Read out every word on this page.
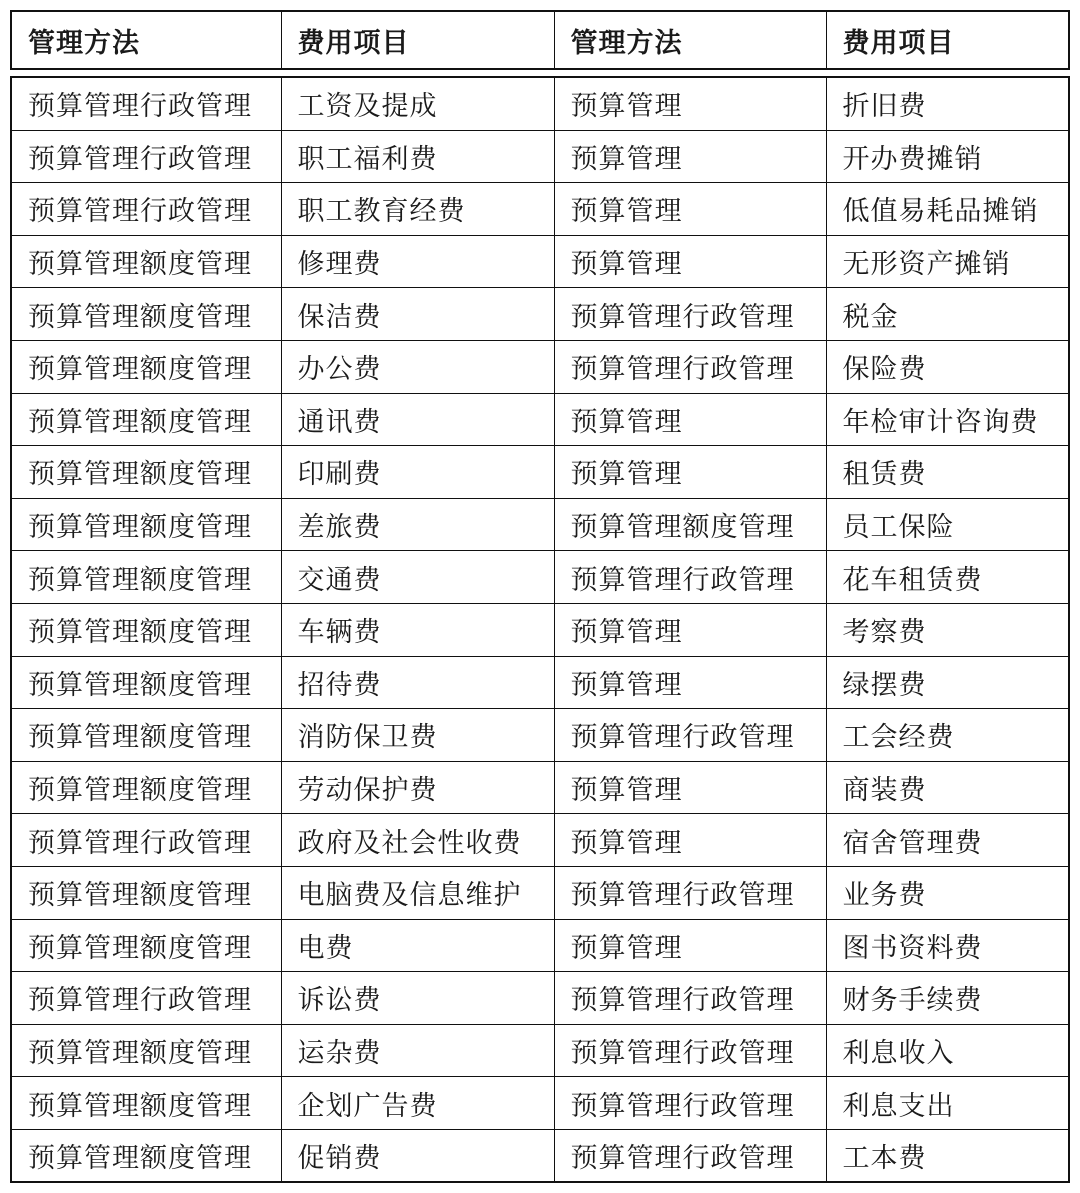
管理方法	费用项目	管理方法	费用项目
预算管理行政管理	工资及提成	预算管理	折旧费
预算管理行政管理	职工福利费	预算管理	开办费摊销
预算管理行政管理	职工教育经费	预算管理	低值易耗品摊销
预算管理额度管理	修理费	预算管理	无形资产摊销
预算管理额度管理	保洁费	预算管理行政管理	税金
预算管理额度管理	办公费	预算管理行政管理	保险费
预算管理额度管理	通讯费	预算管理	年检审计咨询费
预算管理额度管理	印刷费	预算管理	租赁费
预算管理额度管理	差旅费	预算管理额度管理	员工保险
预算管理额度管理	交通费	预算管理行政管理	花车租赁费
预算管理额度管理	车辆费	预算管理	考察费
预算管理额度管理	招待费	预算管理	绿摆费
预算管理额度管理	消防保卫费	预算管理行政管理	工会经费
预算管理额度管理	劳动保护费	预算管理	商装费
预算管理行政管理	政府及社会性收费	预算管理	宿舍管理费
预算管理额度管理	电脑费及信息维护	预算管理行政管理	业务费
预算管理额度管理	电费	预算管理	图书资料费
预算管理行政管理	诉讼费	预算管理行政管理	财务手续费
预算管理额度管理	运杂费	预算管理行政管理	利息收入
预算管理额度管理	企划广告费	预算管理行政管理	利息支出
预算管理额度管理	促销费	预算管理行政管理	工本费
